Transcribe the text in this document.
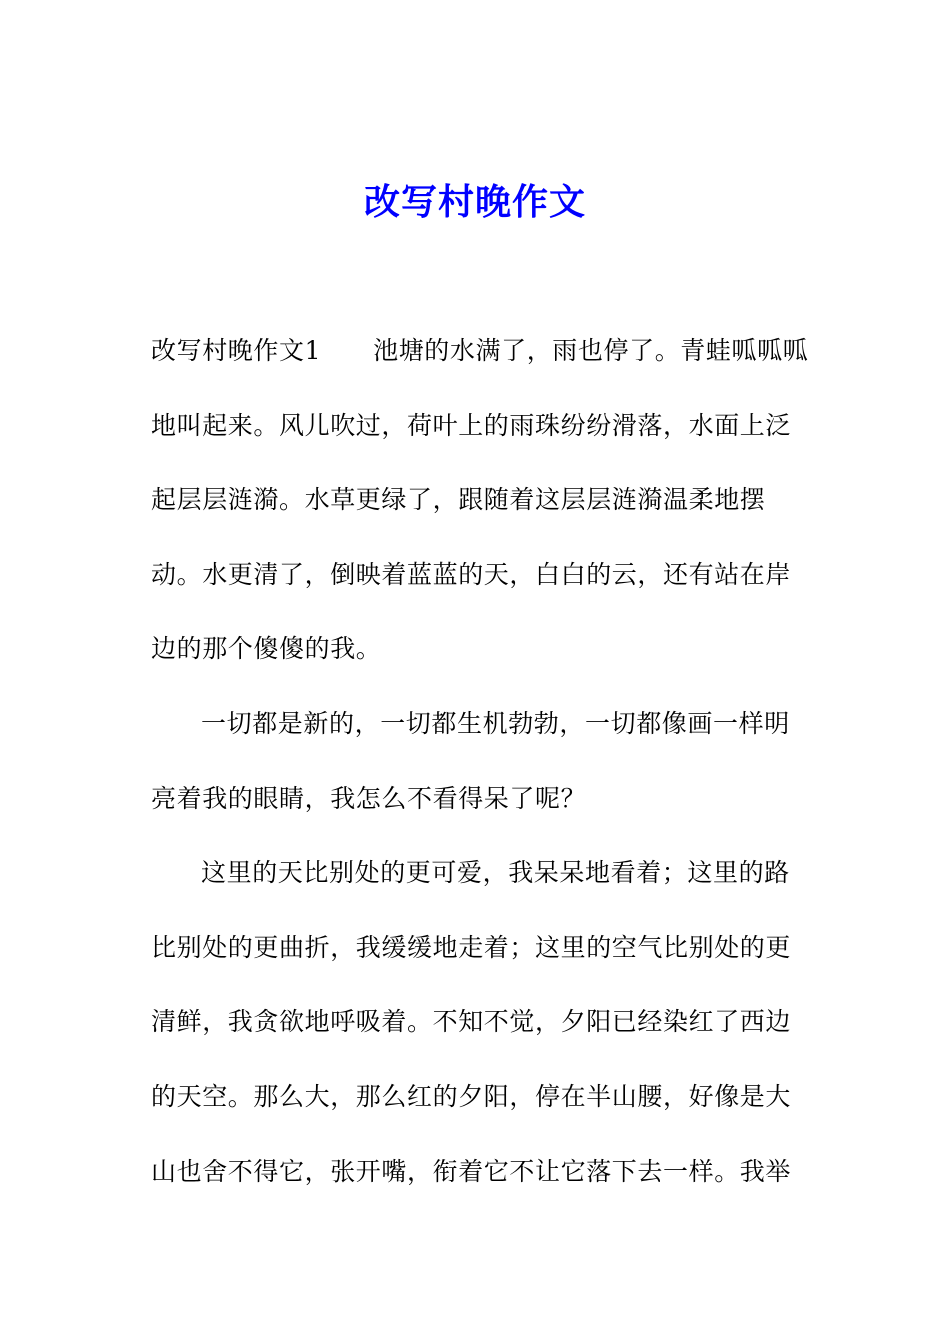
改写村晚作文
改写村晚作文1 池塘的水满了，雨也停了。青蛙呱呱呱
地叫起来。风儿吹过，荷叶上的雨珠纷纷滑落，水面上泛
起层层涟漪。水草更绿了，跟随着这层层涟漪温柔地摆
动。水更清了，倒映着蓝蓝的天，白白的云，还有站在岸
边的那个傻傻的我。
一切都是新的，一切都生机勃勃，一切都像画一样明
亮着我的眼睛，我怎么不看得呆了呢？
这里的天比别处的更可爱，我呆呆地看着；这里的路
比别处的更曲折，我缓缓地走着；这里的空气比别处的更
清鲜，我贪欲地呼吸着。不知不觉，夕阳已经染红了西边
的天空。那么大，那么红的夕阳，停在半山腰，好像是大
山也舍不得它，张开嘴，衔着它不让它落下去一样。我举
